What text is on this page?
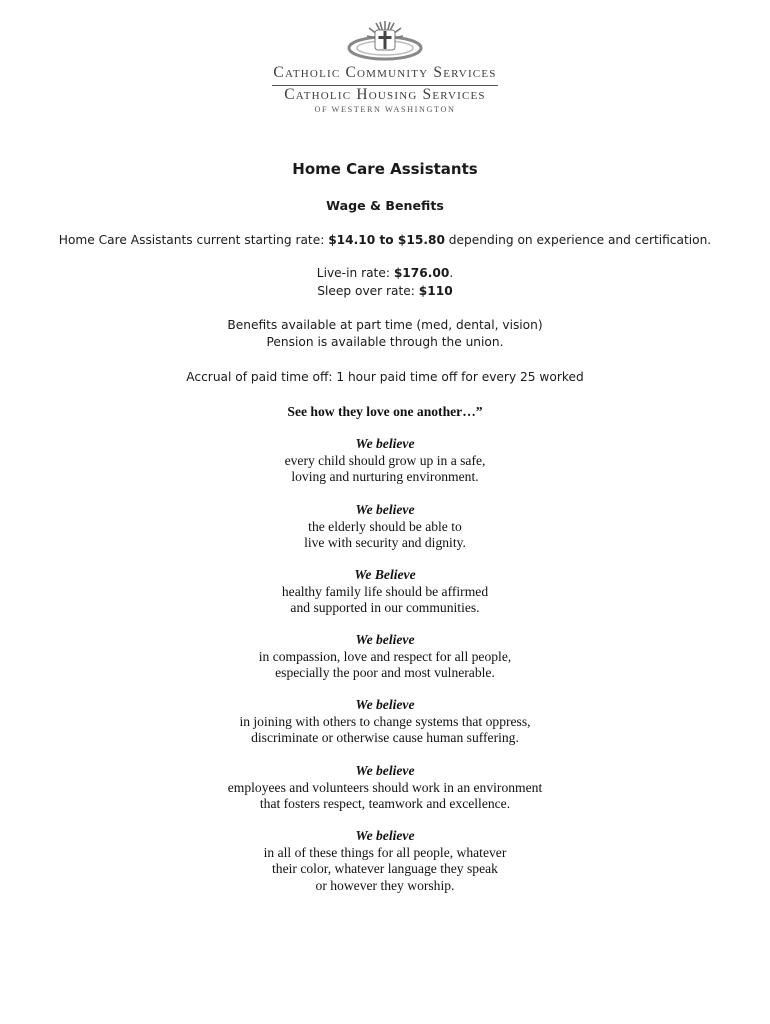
Catholic Community Services
Catholic Housing Services
OF WESTERN WASHINGTON
Home Care Assistants
Wage & Benefits
Home Care Assistants current starting rate: $14.10 to $15.80 depending on experience and certification.
Live-in rate: $176.00.
Sleep over rate: $110
Benefits available at part time (med, dental, vision)
Pension is available through the union.
Accrual of paid time off: 1 hour paid time off for every 25 worked
See how they love one another…”
We believe
every child should grow up in a safe,
loving and nurturing environment.
We believe
the elderly should be able to
live with security and dignity.
We Believe
healthy family life should be affirmed
and supported in our communities.
We believe
in compassion, love and respect for all people,
especially the poor and most vulnerable.
We believe
in joining with others to change systems that oppress,
discriminate or otherwise cause human suffering.
We believe
employees and volunteers should work in an environment
that fosters respect, teamwork and excellence.
We believe
in all of these things for all people, whatever
their color, whatever language they speak
or however they worship.
